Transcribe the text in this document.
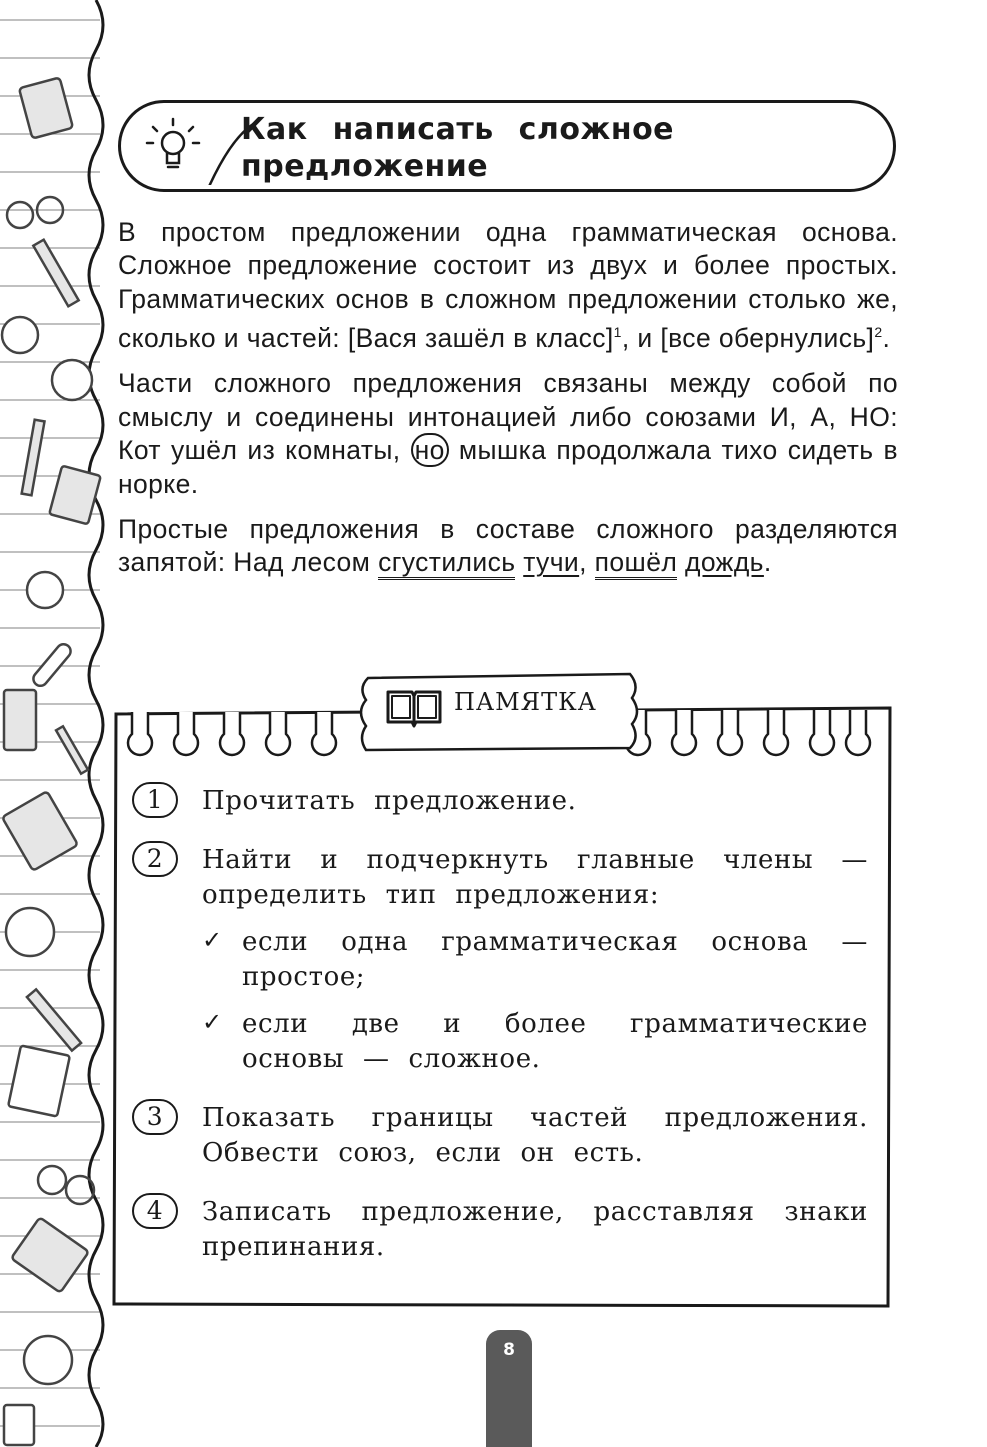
Как написать сложное
предложение

В простом предложении одна грамматическая основа. Сложное предложение состоит из двух и более простых. Грамматических основ в сложном предложении столько же, сколько и частей: [Вася зашёл в класс]$^1$, и [все обернулись]$^2$.

Части сложного предложения связаны между собой по смыслу и соединены интонацией либо союзами И, А, НО: Кот ушёл из комнаты, но мышка продолжала тихо сидеть в норке.

Простые предложения в составе сложного разделяются запятой: Над лесом сгустились тучи, пошёл дождь.

ПАМЯТКА
1	Прочитать предложение.
2	Найти и подчеркнуть главные члены — определить тип предложения:
✓ если одна грамматическая основа — простое;
✓ если две и более грамматические основы — сложное.
3	Показать границы частей предложения. Обвести союз, если он есть.
4	Записать предложение, расставляя знаки препинания.
8
